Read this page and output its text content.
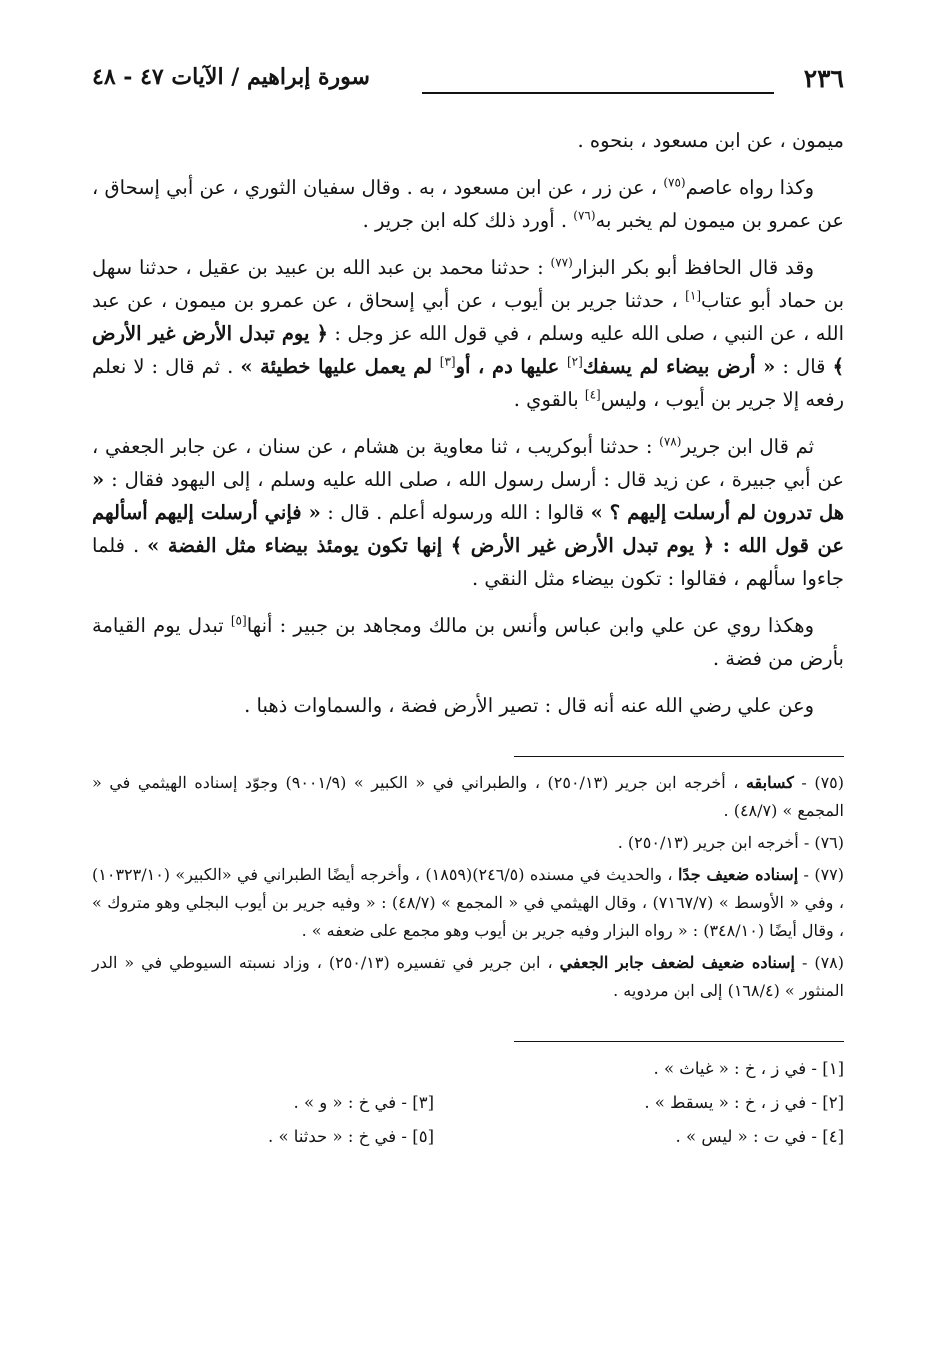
٢٣٦
سورة إبراهيم / الآيات ٤٧ - ٤٨

ميمون ، عن ابن مسعود ، بنحوه .

وكذا رواه عاصم$^{(٧٥)}$ ، عن زر ، عن ابن مسعود ، به . وقال سفيان الثوري ، عن أبي إسحاق ، عن عمرو بن ميمون لم يخبر به$^{(٧٦)}$ . أورد ذلك كله ابن جرير .

وقد قال الحافظ أبو بكر البزار$^{(٧٧)}$ : حدثنا محمد بن عبد الله بن عبيد بن عقيل ، حدثنا سهل بن حماد أبو عتاب[١] ، حدثنا جرير بن أيوب ، عن أبي إسحاق ، عن عمرو بن ميمون ، عن عبد الله ، عن النبي ، صلى الله عليه وسلم ، في قول الله عز وجل : ﴿ يوم تبدل الأرض غير الأرض ﴾ قال : « أرض بيضاء لم يسفك[٢] عليها دم ، أو[٣] لم يعمل عليها خطيئة » . ثم قال : لا نعلم رفعه إلا جرير بن أيوب ، وليس[٤] بالقوي .

ثم قال ابن جرير$^{(٧٨)}$ : حدثنا أبوكريب ، ثنا معاوية بن هشام ، عن سنان ، عن جابر الجعفي ، عن أبي جبيرة ، عن زيد قال : أرسل رسول الله ، صلى الله عليه وسلم ، إلى اليهود فقال : « هل تدرون لم أرسلت إليهم ؟ » قالوا : الله ورسوله أعلم . قال : « فإني أرسلت إليهم أسألهم عن قول الله : ﴿ يوم تبدل الأرض غير الأرض ﴾ إنها تكون يومئذ بيضاء مثل الفضة » . فلما جاءوا سألهم ، فقالوا : تكون بيضاء مثل النقي .

وهكذا روي عن علي وابن عباس وأنس بن مالك ومجاهد بن جبير : أنها[٥] تبدل يوم القيامة بأرض من فضة .

وعن علي رضي الله عنه أنه قال : تصير الأرض فضة ، والسماوات ذهبا .

(٧٥) - كسابقه ، أخرجه ابن جرير (٢٥٠/١٣) ، والطبراني في « الكبير » (٩٠٠١/٩) وجوّد إسناده الهيثمي في « المجمع » (٤٨/٧) .

(٧٦) - أخرجه ابن جرير (٢٥٠/١٣) .

(٧٧) - إسناده ضعيف جدًا ، والحديث في مسنده (٢٤٦/٥)(١٨٥٩) ، وأخرجه أيضًا الطبراني في «الكبير» (١٠٣٢٣/١٠) ، وفي « الأوسط » (٧١٦٧/٧) ، وقال الهيثمي في « المجمع » (٤٨/٧) : « وفيه جرير بن أيوب البجلي وهو متروك » ، وقال أيضًا (٣٤٨/١٠) : « رواه البزار وفيه جرير بن أيوب وهو مجمع على ضعفه » .

(٧٨) - إسناده ضعيف لضعف جابر الجعفي ، ابن جرير في تفسيره (٢٥٠/١٣) ، وزاد نسبته السيوطي في « الدر المنثور » (١٦٨/٤) إلى ابن مردويه .

[١] - في ز ، خ : « غياث » .
[٢] - في ز ، خ : « يسقط » .
[٣] - في خ : « و » .
[٤] - في ت : « ليس » .
[٥] - في خ : « حدثنا » .
